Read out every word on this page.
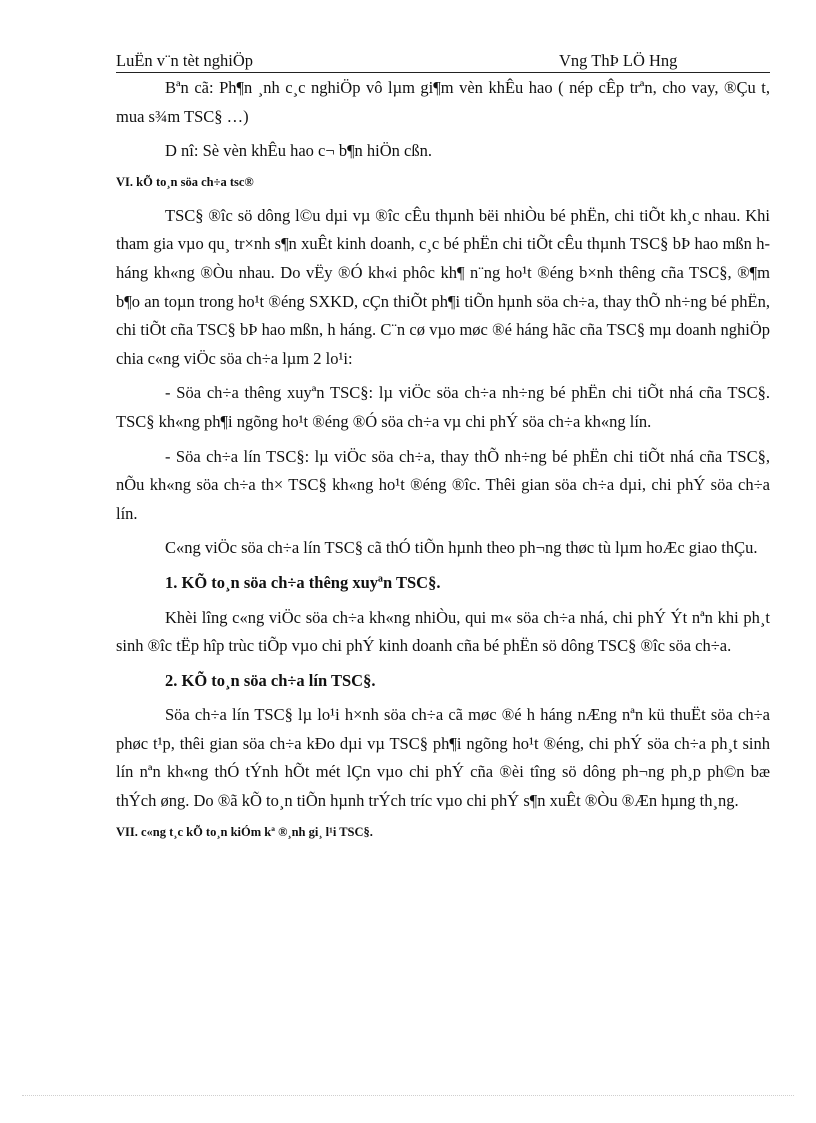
LuËn v¨n tèt nghiÖp	Vng ThÞ LÖ Hng

Bªn cã: Ph¶n ¸nh c¸c nghiÖp vô lµm gi¶m vèn khÊu hao ( nép cÊp trªn, cho vay, ®Çu t, mua s¾m TSC§ …)

D nî: Sè vèn khÊu hao c¬ b¶n hiÖn cßn.

VI. kÕ to¸n söa ch÷a tsc®

TSC§ ®îc sö dông l©u dµi vµ ®îc cÊu thµnh bëi nhiÒu bé phËn, chi tiÕt kh¸c nhau. Khi tham gia vµo qu¸ tr×nh s¶n xuÊt kinh doanh, c¸c bé phËn chi tiÕt cÊu thµnh TSC§ bÞ hao mßn h háng kh«ng ®Òu nhau. Do vËy ®Ó kh«i phôc kh¶ n¨ng ho¹t ®éng b×nh thêng cña TSC§, ®¶m b¶o an toµn trong ho¹t ®éng SXKD, cÇn thiÕt ph¶i tiÕn hµnh söa ch÷a, thay thÕ nh÷ng bé phËn, chi tiÕt cña TSC§ bÞ hao mßn, h háng. C¨n cø vµo møc ®é háng hãc cña TSC§ mµ doanh nghiÖp chia c«ng viÖc söa ch÷a lµm 2 lo¹i:

- Söa ch÷a thêng xuyªn TSC§: lµ viÖc söa ch÷a nh÷ng bé phËn chi tiÕt nhá cña TSC§. TSC§ kh«ng ph¶i ngõng ho¹t ®éng ®Ó söa ch÷a vµ chi phÝ söa ch÷a kh«ng lín.

- Söa ch÷a lín TSC§: lµ viÖc söa ch÷a, thay thÕ nh÷ng bé phËn chi tiÕt nhá cña TSC§, nÕu kh«ng söa ch÷a th× TSC§ kh«ng ho¹t ®éng ®îc. Thêi gian söa ch÷a dµi, chi phÝ söa ch÷a lín.

C«ng viÖc söa ch÷a lín TSC§ cã thÓ tiÕn hµnh theo ph¬ng thøc tù lµm hoÆc giao thÇu.

1. KÕ to¸n söa ch÷a thêng xuyªn TSC§.

Khèi lîng c«ng viÖc söa ch÷a kh«ng nhiÒu, qui m« söa ch÷a nhá, chi phÝ Ýt nªn khi ph¸t sinh ®îc tËp hîp trùc tiÕp vµo chi phÝ kinh doanh cña bé phËn sö dông TSC§ ®îc söa ch÷a.

2. KÕ to¸n söa ch÷a lín TSC§.

Söa ch÷a lín TSC§ lµ lo¹i h×nh söa ch÷a cã møc ®é h háng nÆng nªn kü thuËt söa ch÷a phøc t¹p, thêi gian söa ch÷a kÐo dµi vµ TSC§ ph¶i ngõng ho¹t ®éng, chi phÝ söa ch÷a ph¸t sinh lín nªn kh«ng thÓ tÝnh hÕt mét lÇn vµo chi phÝ cña ®èi tîng sö dông ph¬ng ph¸p ph©n bæ thÝch øng. Do ®ã kÕ to¸n tiÕn hµnh trÝch tríc vµo chi phÝ s¶n xuÊt ®Òu ®Æn hµng th¸ng.

VII. c«ng t¸c kÕ to¸n kiÓm kª ®¸nh gi¸ l¹i TSC§.
